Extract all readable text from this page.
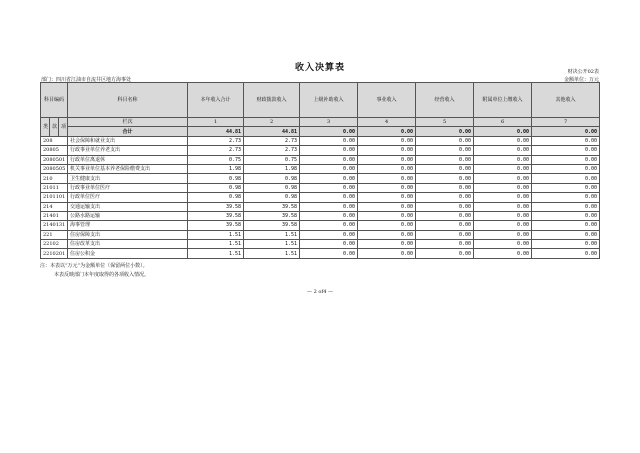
收入决算表	财决公开02表
部门：四川省江油市自流井区地方海事处	金额单位：万元
科目编码			科目名称	本年收入合计	财政拨款收入	上级补助收入	事业收入	经营收入	附属单位上缴收入	其他收入
类	款	项	栏次	1	2	3	4	5	6	7
			合计	44.81	44.81	0.00	0.00	0.00	0.00	0.00
208			社会保障和就业支出	2.73	2.73	0.00	0.00	0.00	0.00	0.00
20805			行政事业单位养老支出	2.73	2.73	0.00	0.00	0.00	0.00	0.00
2080501			行政单位离退休	0.75	0.75	0.00	0.00	0.00	0.00	0.00
2080505			机关事业单位基本养老保险缴费支出	1.98	1.98	0.00	0.00	0.00	0.00	0.00
210			卫生健康支出	0.98	0.98	0.00	0.00	0.00	0.00	0.00
21011			行政事业单位医疗	0.98	0.98	0.00	0.00	0.00	0.00	0.00
2101101			行政单位医疗	0.98	0.98	0.00	0.00	0.00	0.00	0.00
214			交通运输支出	39.58	39.58	0.00	0.00	0.00	0.00	0.00
21401			公路水路运输	39.58	39.58	0.00	0.00	0.00	0.00	0.00
2140131			海事管理	39.58	39.58	0.00	0.00	0.00	0.00	0.00
221			住房保障支出	1.51	1.51	0.00	0.00	0.00	0.00	0.00
22102			住房改革支出	1.51	1.51	0.00	0.00	0.00	0.00	0.00
2210201			住房公积金	1.51	1.51	0.00	0.00	0.00	0.00	0.00
注：本表以“万元”为金额单位（保留两位小数）。
本表反映部门本年度取得的各项收入情况。
— 2 of4 —
